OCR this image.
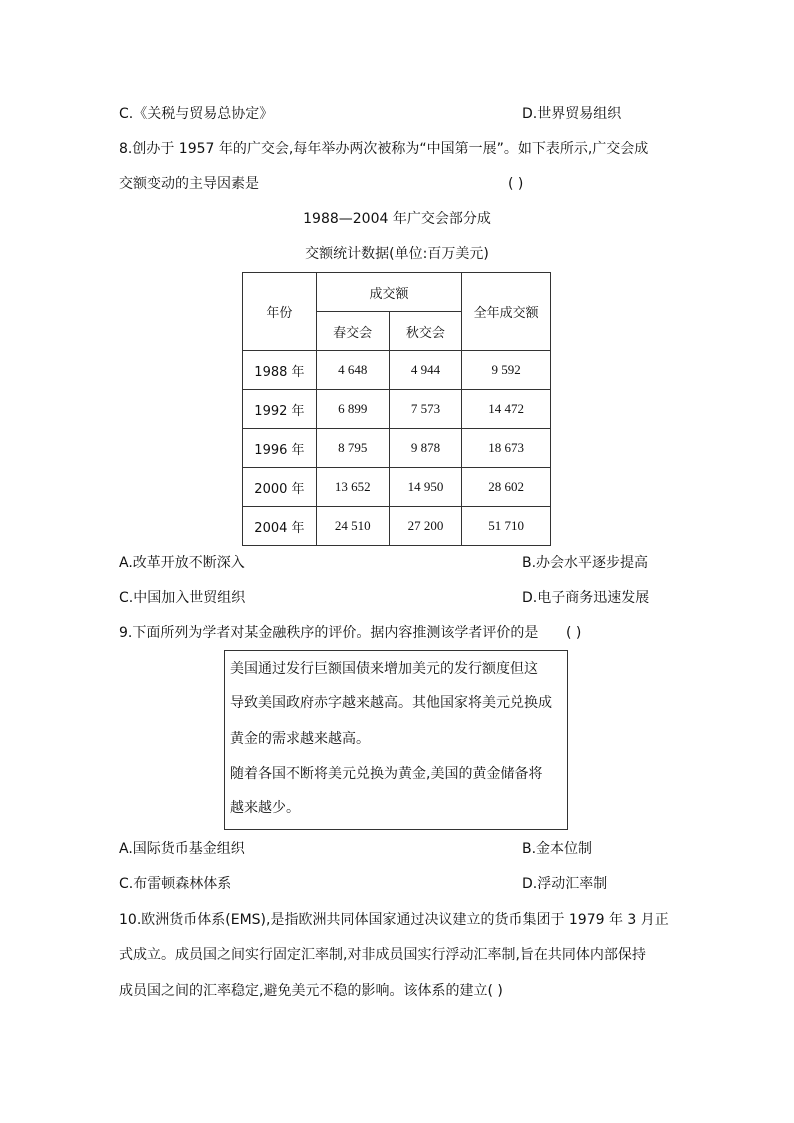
C.《关税与贸易总协定》	D.世界贸易组织
8.创办于 1957 年的广交会,每年举办两次被称为“中国第一展”。如下表所示,广交会成
交额变动的主导因素是	( )
1988—2004 年广交会部分成
交额统计数据(单位:百万美元)
年份	成交额		全年成交额
	春交会	秋交会	
1988 年	4 648	4 944	9 592
1992 年	6 899	7 573	14 472
1996 年	8 795	9 878	18 673
2000 年	13 652	14 950	28 602
2004 年	24 510	27 200	51 710
A.改革开放不断深入	B.办会水平逐步提高
C.中国加入世贸组织	D.电子商务迅速发展
9.下面所列为学者对某金融秩序的评价。据内容推测该学者评价的是 ( )
美国通过发行巨额国债来增加美元的发行额度但这
导致美国政府赤字越来越高。其他国家将美元兑换成
黄金的需求越来越高。
随着各国不断将美元兑换为黄金,美国的黄金储备将
越来越少。
A.国际货币基金组织	B.金本位制
C.布雷顿森林体系	D.浮动汇率制
10.欧洲货币体系(EMS),是指欧洲共同体国家通过决议建立的货币集团于 1979 年 3 月正
式成立。成员国之间实行固定汇率制,对非成员国实行浮动汇率制,旨在共同体内部保持
成员国之间的汇率稳定,避免美元不稳的影响。该体系的建立( )
